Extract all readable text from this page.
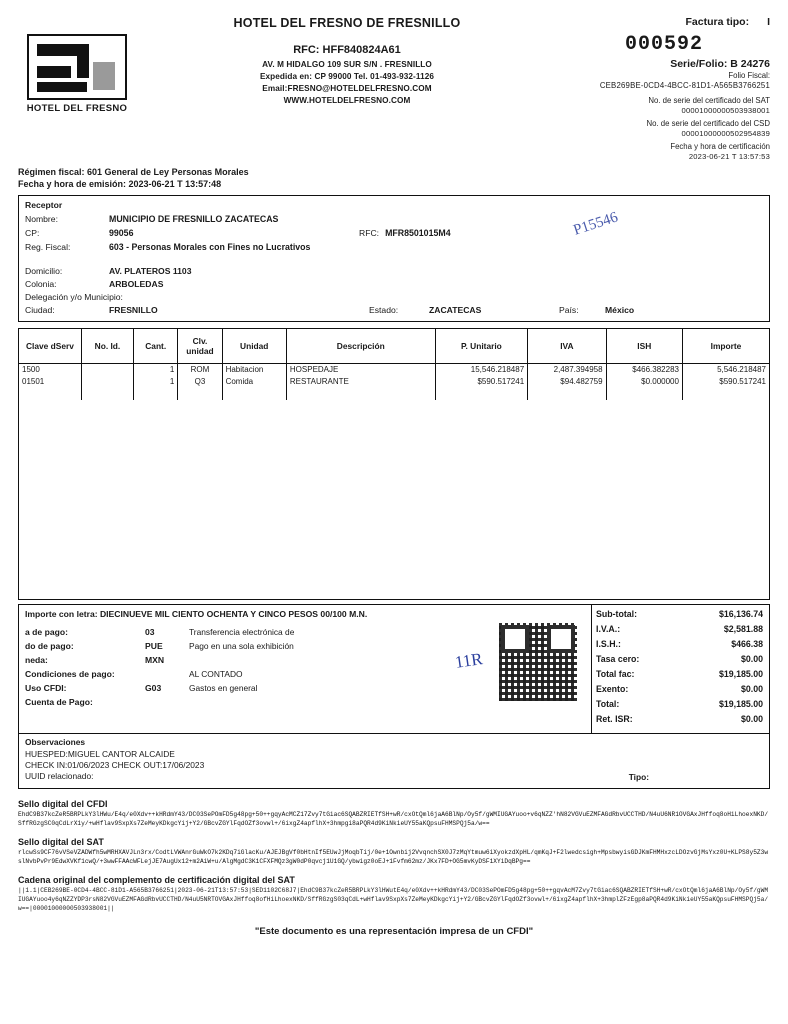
HOTEL DEL FRESNO
HOTEL DEL FRESNO DE FRESNILLO
RFC: HFF840824A61
AV. M HIDALGO 109 SUR S/N . FRESNILLO
Expedida en: CP 99000 Tel. 01-493-932-1126
Email:FRESNO@HOTELDELFRESNO.COM
WWW.HOTELDELFRESNO.COM
Factura tipo: I
000592
Serie/Folio: B 24276
Folio Fiscal:
CEB269BE-0CD4-4BCC-81D1-A565B3766251
No. de serie del certificado del SAT
00001000000503938001
No. de serie del certificado del CSD
00001000000502954839
Fecha y hora de certificación
2023-06-21 T 13:57:53
Régimen fiscal: 601 General de Ley Personas Morales
Fecha y hora de emisión: 2023-06-21 T 13:57:48
Receptor
Nombre:	MUNICIPIO DE FRESNILLO ZACATECAS
CP:	99056	RFC: MFR8501015M4
Reg. Fiscal:	603 - Personas Morales con Fines no Lucrativos
Domicilio:	AV. PLATEROS 1103
Colonia:	ARBOLEDAS
Delegación y/o Municipio:
Ciudad:	FRESNILLO	Estado:	ZACATECAS	País:	México
P15546
Clave dServ	No. Id.	Cant.	Clv. unidad	Unidad	Descripción	P. Unitario	IVA	ISH	Importe
1500		1	ROM	Habitacion	HOSPEDAJE	15,546.218487	2,487.394958	$466.382283	5,546.218487
01501		1	Q3	Comida	RESTAURANTE	$590.517241	$94.482759	$0.000000	$590.517241

Importe con letra: DIECINUEVE MIL CIENTO OCHENTA Y CINCO PESOS 00/100 M.N.
a de pago:	03	Transferencia electrónica de
do de pago:	PUE	Pago en una sola exhibición
neda:	MXN
Condiciones de pago:	AL CONTADO
Uso CFDI:	G03	Gastos en general
Cuenta de Pago:
11R
Sub-total:	$16,136.74
I.V.A.:	$2,581.88
I.S.H.:	$466.38
Tasa cero:	$0.00
Total fac:	$19,185.00
Exento:	$0.00
Total:	$19,185.00
Ret. ISR:	$0.00
Observaciones
HUESPED:MIGUEL CANTOR ALCAIDE
CHECK IN:01/06/2023 CHECK OUT:17/06/2023
UUID relacionado:	Tipo:
Sello digital del CFDI
EhdC9B37kcZeR5BRPLkY3lHWu/E4q/e0Xdv++kHRdmY43/DC03SePOmFD5g48pg+50++gqyAcMCZ17Zvy7tGiac6SQABZRIETfSH+wR/cxOtQml6jaA6BlNp/Oy5f/gWMIUGAYuoo+v6qNZZ'hN82VGVuEZMFAGdRbvUCCTHD/N4uU6NR1OVGAxJHffoq8oHiLhoexNKD/SffRGzgSC0qCdLrX1y/+wHflav9SxpXs7ZeMeyKDkgcYij+Y2/GBcvZGYlFqdOZf3ovwl+/6ixgZ4apflhX+3hmpgi8aPQR4d9KiNkieUY55aKQpsuFHMSPQj5a/w==
Sello digital del SAT
rlcwSs9CF76vVSeVZADWfh5wMRHXAVJLn3rx/CodtLVWAnrGuWkO7k2KDq7iGlacKu/AJEJBgVf0bHtnIf5EUwJjMoqbTij/0e+1Ownbij2VvqnchSX0J7zMqYtmuw6iXyokzdXpHL/qmKqJ+F2lwedcsigh+MpsbwyisGDJKmFHMHxzcLDOzvGjMsYxz0U+KLPS8y5Z3wslNvbPvPr9EdwXVKf1cwQ/+3wwFFAAcWFLejJE7AugUx12+m2AiW+u/AlgMgdC3K1CFXFMQz3gW0dP0qvcj1U1GQ/ybwigz0oEJ+1Fvfm62mz/JKx7FD+OG5mvKyDSF1XYiDqBPg==
Cadena original del complemento de certificación digital del SAT
||1.1|CEB269BE-0CD4-4BCC-81D1-A565B3766251|2023-06-21T13:57:53|SED1102C68J7|EhdC9B37kcZeR5BRPLkY3lHWutE4q/e0Xdv++kHRdmY43/DC03SePOmFD5g48pg+50++gqvAcM7Zvy7tGiac6SQABZRIETfSH+wR/cxOtQml6jaA6BlNp/Oy5f/gWMIUGAYuoo4y6qNZZYDP3rsN82VGVuEZMFAGdRbvUCCTHD/N4uU5NRTOVGAxJHffoq8ofHiLhoexNKD/SffRGzgS03qCdL+wHflav9SxpXs7ZeMeyKDkgcYij+Y2/GBcvZGYlFqdOZf3ovwl+/6ixgZ4apflhX+3hmplZFzEgp8aPQR4d9KiNkieUY55aKQpsuFHMSPQj5a/w==|00001000000503938001||
"Este documento es una representación impresa de un CFDI"
